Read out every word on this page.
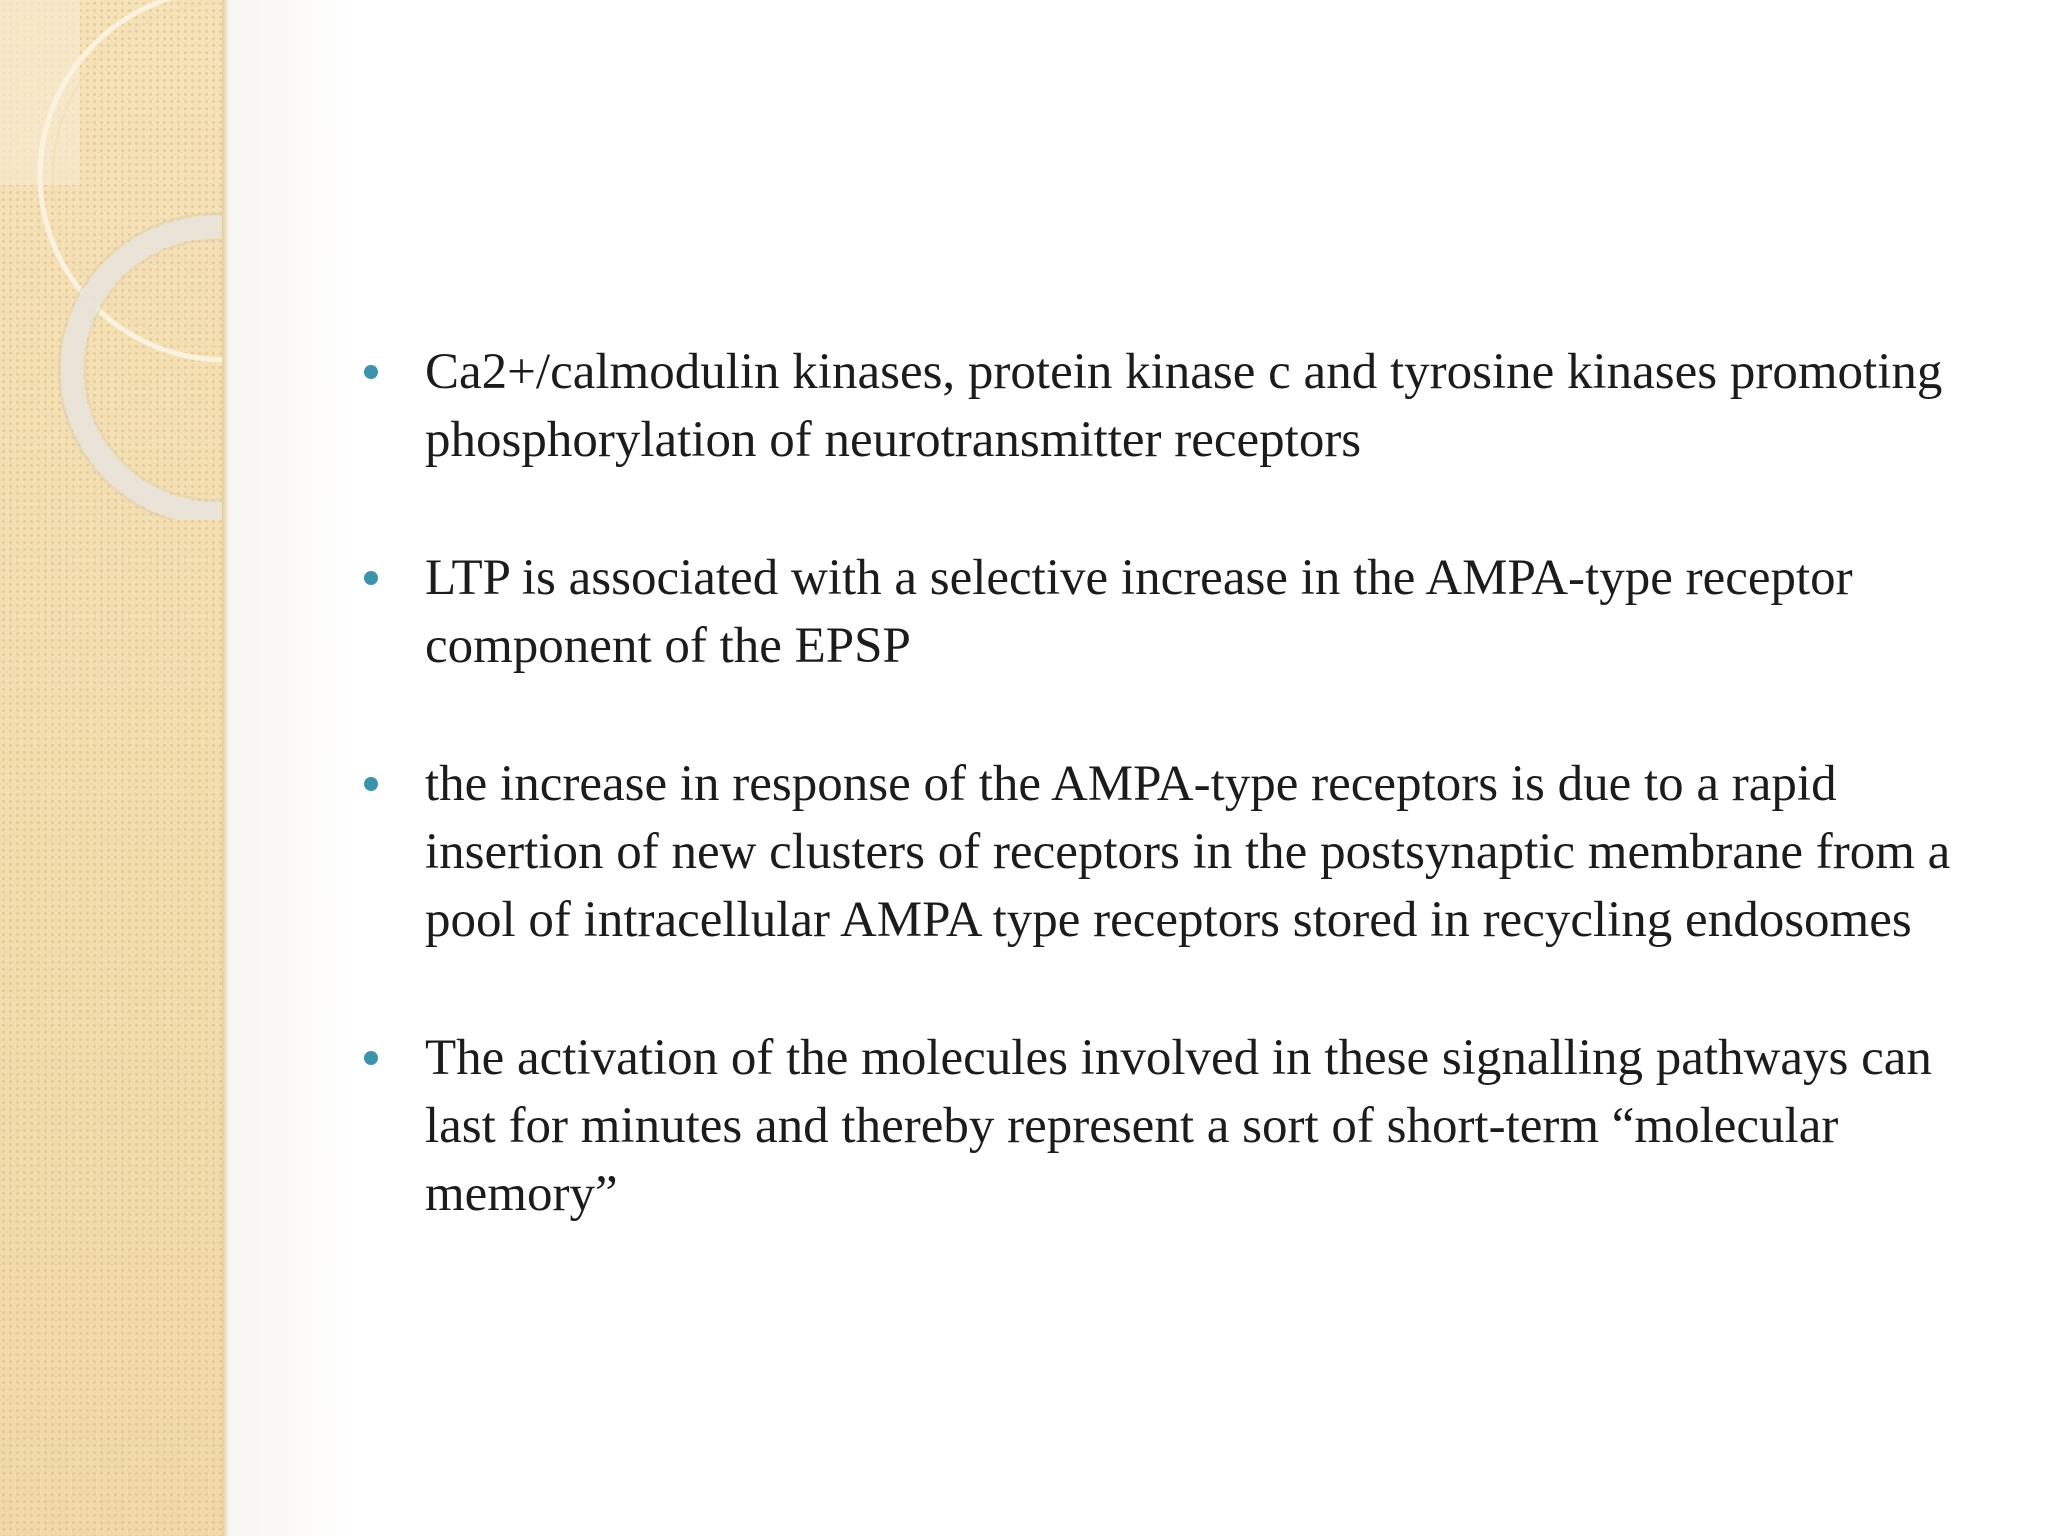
Ca2+/calmodulin kinases, protein kinase c and tyrosine kinases promoting phosphorylation of neurotransmitter receptors
LTP is associated with a selective increase in the AMPA-type receptor component of the EPSP
the increase in response of the AMPA-type receptors is due to a rapid insertion of new clusters of receptors in the postsynaptic membrane from a pool of intracellular AMPA type receptors stored in recycling endosomes
The activation of the molecules involved in these signalling pathways can last for minutes and thereby represent a sort of short-term “molecular memory”
